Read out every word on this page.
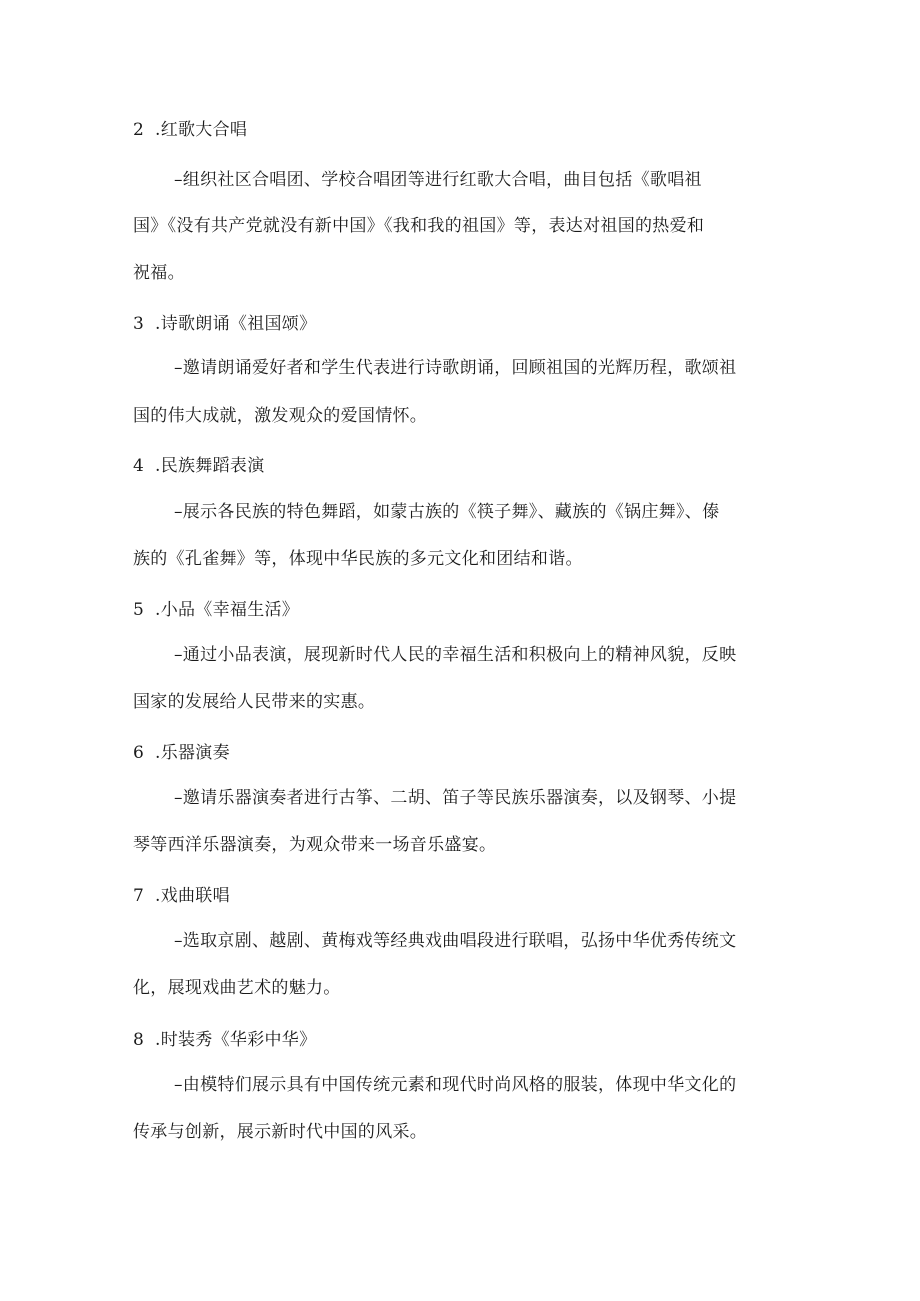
2 .红歌大合唱
–组织社区合唱团、学校合唱团等进行红歌大合唱，曲目包括《歌唱祖
国》《没有共产党就没有新中国》《我和我的祖国》等，表达对祖国的热爱和
祝福。
3 .诗歌朗诵《祖国颂》
–邀请朗诵爱好者和学生代表进行诗歌朗诵，回顾祖国的光辉历程，歌颂祖
国的伟大成就，激发观众的爱国情怀。
4 .民族舞蹈表演
–展示各民族的特色舞蹈，如蒙古族的《筷子舞》、藏族的《锅庄舞》、傣
族的《孔雀舞》等，体现中华民族的多元文化和团结和谐。
5 .小品《幸福生活》
–通过小品表演，展现新时代人民的幸福生活和积极向上的精神风貌，反映
国家的发展给人民带来的实惠。
6 .乐器演奏
–邀请乐器演奏者进行古筝、二胡、笛子等民族乐器演奏，以及钢琴、小提
琴等西洋乐器演奏，为观众带来一场音乐盛宴。
7 .戏曲联唱
–选取京剧、越剧、黄梅戏等经典戏曲唱段进行联唱，弘扬中华优秀传统文
化，展现戏曲艺术的魅力。
8 .时装秀《华彩中华》
–由模特们展示具有中国传统元素和现代时尚风格的服装，体现中华文化的
传承与创新，展示新时代中国的风采。
